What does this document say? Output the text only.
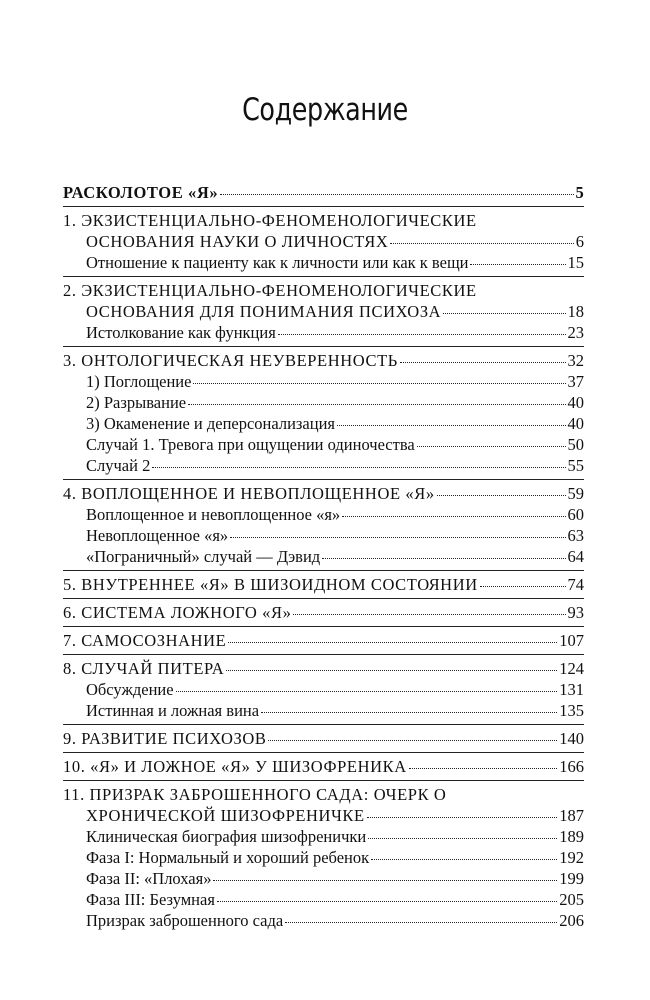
Содержание
РАСКОЛОТОЕ «Я»	5
1. ЭКЗИСТЕНЦИАЛЬНО-ФЕНОМЕНОЛОГИЧЕСКИЕ
ОСНОВАНИЯ НАУКИ О ЛИЧНОСТЯХ	6
Отношение к пациенту как к личности или как к вещи	15
2. ЭКЗИСТЕНЦИАЛЬНО-ФЕНОМЕНОЛОГИЧЕСКИЕ
ОСНОВАНИЯ ДЛЯ ПОНИМАНИЯ ПСИХОЗА	18
Истолкование как функция	23
3. ОНТОЛОГИЧЕСКАЯ НЕУВЕРЕННОСТЬ	32
1) Поглощение	37
2) Разрывание	40
3) Окаменение и деперсонализация	40
Случай 1. Тревога при ощущении одиночества	50
Случай 2	55
4. ВОПЛОЩЕННОЕ И НЕВОПЛОЩЕННОЕ «Я»	59
Воплощенное и невоплощенное «я»	60
Невоплощенное «я»	63
«Пограничный» случай — Дэвид	64
5. ВНУТРЕННЕЕ «Я» В ШИЗОИДНОМ СОСТОЯНИИ	74
6. СИСТЕМА ЛОЖНОГО «Я»	93
7. САМОСОЗНАНИЕ	107
8. СЛУЧАЙ ПИТЕРА	124
Обсуждение	131
Истинная и ложная вина	135
9. РАЗВИТИЕ ПСИХОЗОВ	140
10. «Я» И ЛОЖНОЕ «Я» У ШИЗОФРЕНИКА	166
11. ПРИЗРАК ЗАБРОШЕННОГО САДА: ОЧЕРК О
ХРОНИЧЕСКОЙ ШИЗОФРЕНИЧКЕ	187
Клиническая биография шизофренички	189
Фаза I: Нормальный и хороший ребенок	192
Фаза II: «Плохая»	199
Фаза III: Безумная	205
Призрак заброшенного сада	206
